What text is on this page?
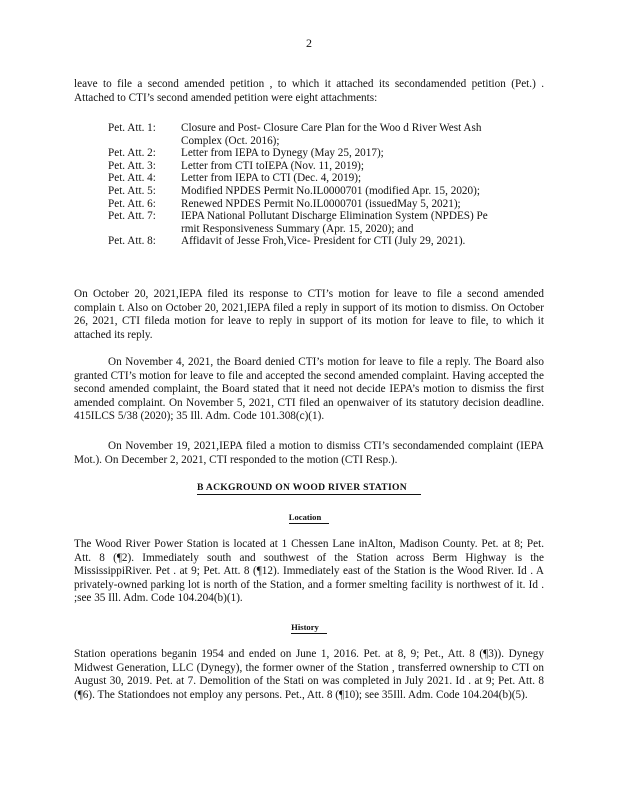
2

leave to file a second amended petition , to which it attached its secondamended petition (Pet.) . Attached to CTI’s second amended petition were eight attachments:

Pet. Att. 1:	Closure and Post- Closure Care Plan for the Woo d River West Ash Complex (Oct. 2016);
Pet. Att. 2:	Letter from IEPA to Dynegy (May 25, 2017);
Pet. Att. 3:	Letter from CTI toIEPA (Nov. 11, 2019);
Pet. Att. 4:	Letter from IEPA to CTI (Dec. 4, 2019);
Pet. Att. 5:	Modified NPDES Permit No.IL0000701 (modified Apr. 15, 2020);
Pet. Att. 6:	Renewed NPDES Permit No.IL0000701 (issuedMay 5, 2021);
Pet. Att. 7:	IEPA National Pollutant Discharge Elimination System (NPDES) Pe rmit Responsiveness Summary (Apr. 15, 2020); and
Pet. Att. 8:	Affidavit of Jesse Froh,Vice- President for CTI (July 29, 2021).

On October 20, 2021,IEPA filed its response to CTI’s motion for leave to file a second amended complain t. Also on October 20, 2021,IEPA filed a reply in support of its motion to dismiss. On October 26, 2021, CTI fileda motion for leave to reply in support of its motion for leave to file, to which it attached its reply.

On November 4, 2021, the Board denied CTI’s motion for leave to file a reply. The Board also granted CTI’s motion for leave to file and accepted the second amended complaint. Having accepted the second amended complaint, the Board stated that it need not decide IEPA’s motion to dismiss the first amended complaint. On November 5, 2021, CTI filed an openwaiver of its statutory decision deadline. 415ILCS 5/38 (2020); 35 Ill. Adm. Code 101.308(c)(1).

On November 19, 2021,IEPA filed a motion to dismiss CTI’s secondamended complaint (IEPA Mot.). On December 2, 2021, CTI responded to the motion (CTI Resp.).

B ACKGROUND ON WOOD RIVER STATION
Location

The Wood River Power Station is located at 1 Chessen Lane inAlton, Madison County. Pet. at 8; Pet. Att. 8 (¶2). Immediately south and southwest of the Station across Berm Highway is the MississippiRiver. Pet . at 9; Pet. Att. 8 (¶12). Immediately east of the Station is the Wood River. Id . A privately-owned parking lot is north of the Station, and a former smelting facility is northwest of it. Id . ;see 35 Ill. Adm. Code 104.204(b)(1).

History

Station operations beganin 1954 and ended on June 1, 2016. Pet. at 8, 9; Pet., Att. 8 (¶3)). Dynegy Midwest Generation, LLC (Dynegy), the former owner of the Station , transferred ownership to CTI on August 30, 2019. Pet. at 7. Demolition of the Stati on was completed in July 2021. Id . at 9; Pet. Att. 8 (¶6). The Stationdoes not employ any persons. Pet., Att. 8 (¶10); see 35Ill. Adm. Code 104.204(b)(5).
